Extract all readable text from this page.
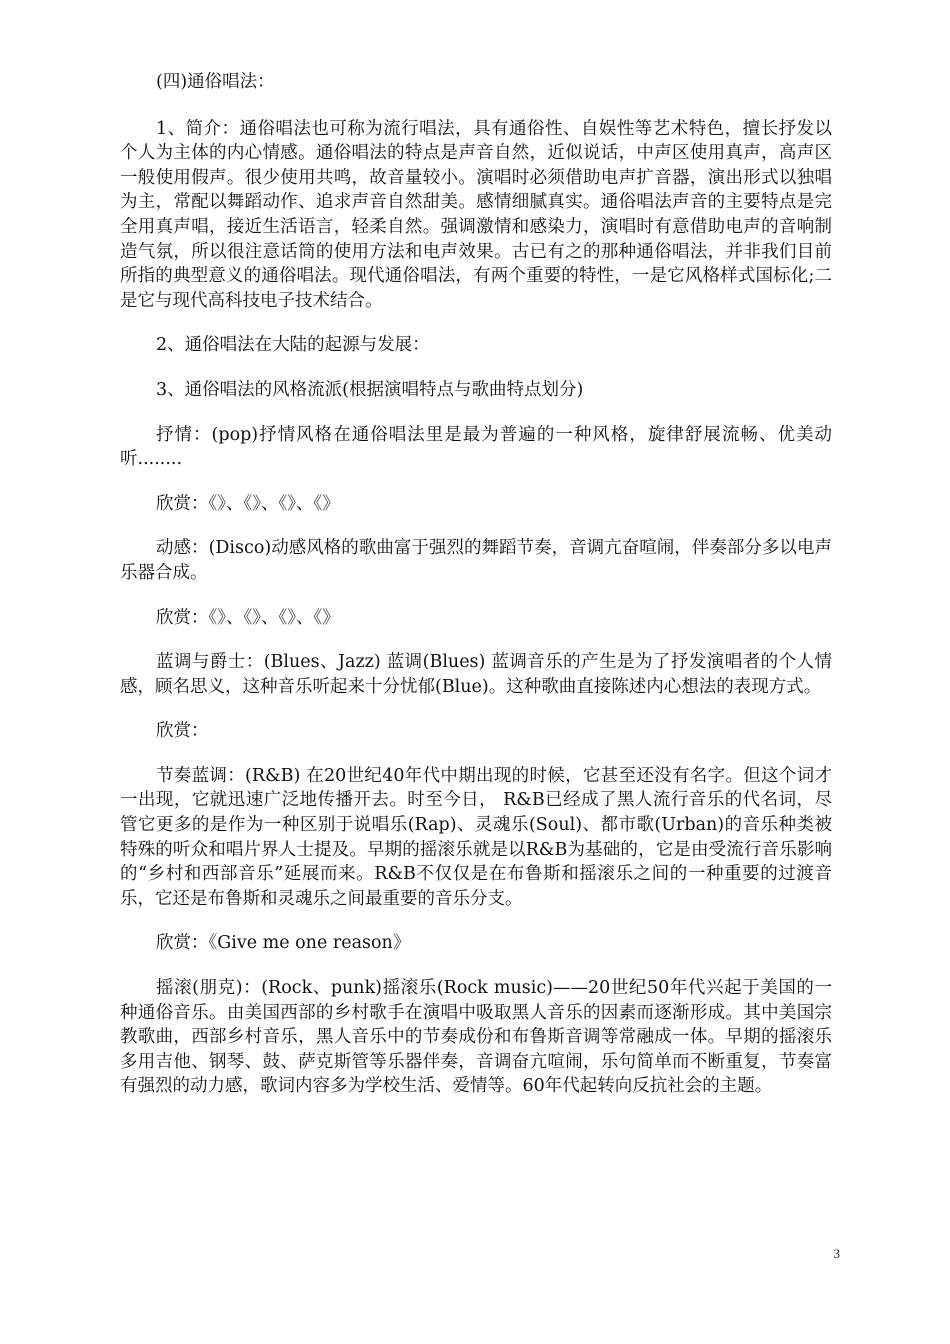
(四)通俗唱法：

1、简介：通俗唱法也可称为流行唱法，具有通俗性、自娱性等艺术特色，擅长抒发以个人为主体的内心情感。通俗唱法的特点是声音自然，近似说话，中声区使用真声，高声区一般使用假声。很少使用共鸣，故音量较小。演唱时必须借助电声扩音器，演出形式以独唱为主，常配以舞蹈动作、追求声音自然甜美。感情细腻真实。通俗唱法声音的主要特点是完全用真声唱，接近生活语言，轻柔自然。强调激情和感染力，演唱时有意借助电声的音响制造气氛，所以很注意话筒的使用方法和电声效果。古已有之的那种通俗唱法，并非我们目前所指的典型意义的通俗唱法。现代通俗唱法，有两个重要的特性，一是它风格样式国标化;二是它与现代高科技电子技术结合。

2、通俗唱法在大陆的起源与发展：

3、通俗唱法的风格流派(根据演唱特点与歌曲特点划分)

抒情：(pop)抒情风格在通俗唱法里是最为普遍的一种风格，旋律舒展流畅、优美动听........

欣赏：《》、《》、《》、《》

动感：(Disco)动感风格的歌曲富于强烈的舞蹈节奏，音调亢奋喧闹，伴奏部分多以电声乐器合成。

欣赏：《》、《》、《》、《》

蓝调与爵士：(Blues、Jazz) 蓝调(Blues) 蓝调音乐的产生是为了抒发演唱者的个人情感，顾名思义，这种音乐听起来十分忧郁(Blue)。这种歌曲直接陈述内心想法的表现方式。

欣赏：

节奏蓝调：(R&B) 在20世纪40年代中期出现的时候，它甚至还没有名字。但这个词才一出现，它就迅速广泛地传播开去。时至今日， R&B已经成了黑人流行音乐的代名词，尽管它更多的是作为一种区别于说唱乐(Rap)、灵魂乐(Soul)、都市歌(Urban)的音乐种类被特殊的听众和唱片界人士提及。早期的摇滚乐就是以R&B为基础的，它是由受流行音乐影响的“乡村和西部音乐”延展而来。R&B不仅仅是在布鲁斯和摇滚乐之间的一种重要的过渡音乐，它还是布鲁斯和灵魂乐之间最重要的音乐分支。

欣赏：《Give me one reason》

摇滚(朋克)：(Rock、punk)摇滚乐(Rock music)——20世纪50年代兴起于美国的一种通俗音乐。由美国西部的乡村歌手在演唱中吸取黑人音乐的因素而逐渐形成。其中美国宗教歌曲，西部乡村音乐，黑人音乐中的节奏成份和布鲁斯音调等常融成一体。早期的摇滚乐多用吉他、钢琴、鼓、萨克斯管等乐器伴奏，音调奋亢喧闹，乐句简单而不断重复，节奏富有强烈的动力感，歌词内容多为学校生活、爱情等。60年代起转向反抗社会的主题。

3
